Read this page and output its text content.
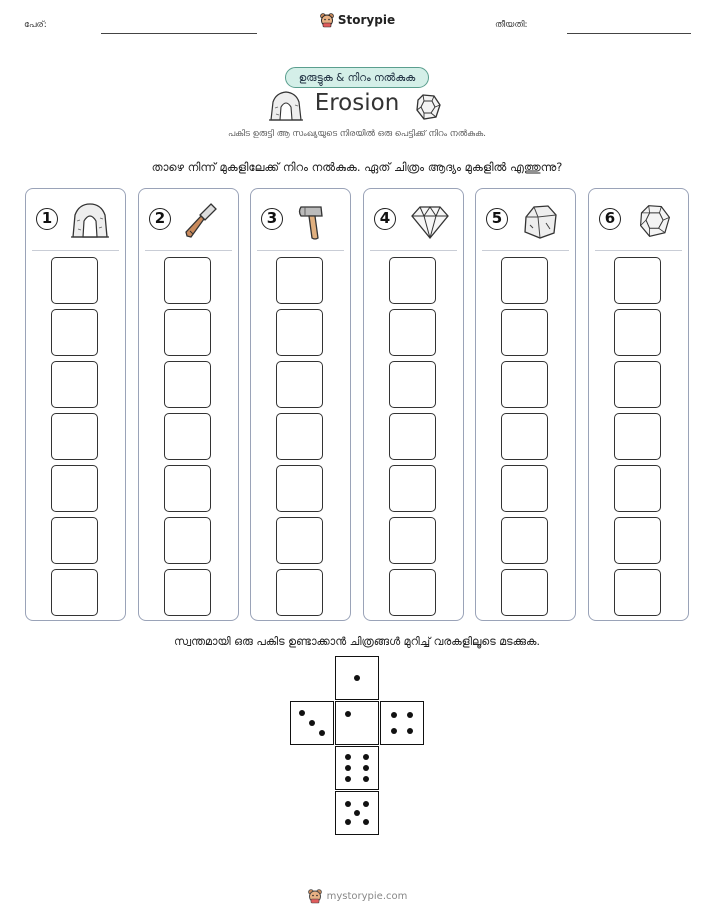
പേര്:	Storypie	തീയതി:
ഉരുട്ടുക & നിറം നൽകുക
Erosion
പകിട ഉരുട്ടി ആ സംഖ്യയുടെ നിരയിൽ ഒരു പെട്ടിക്ക് നിറം നൽകുക.
താഴെ നിന്ന് മുകളിലേക്ക് നിറം നൽകുക. ഏത് ചിത്രം ആദ്യം മുകളിൽ എത്തുന്നു?
1	2	3	4	5	6
സ്വന്തമായി ഒരു പകിട ഉണ്ടാക്കാൻ ചിത്രങ്ങൾ മുറിച്ച് വരകളിലൂടെ മടക്കുക.
mystorypie.com
